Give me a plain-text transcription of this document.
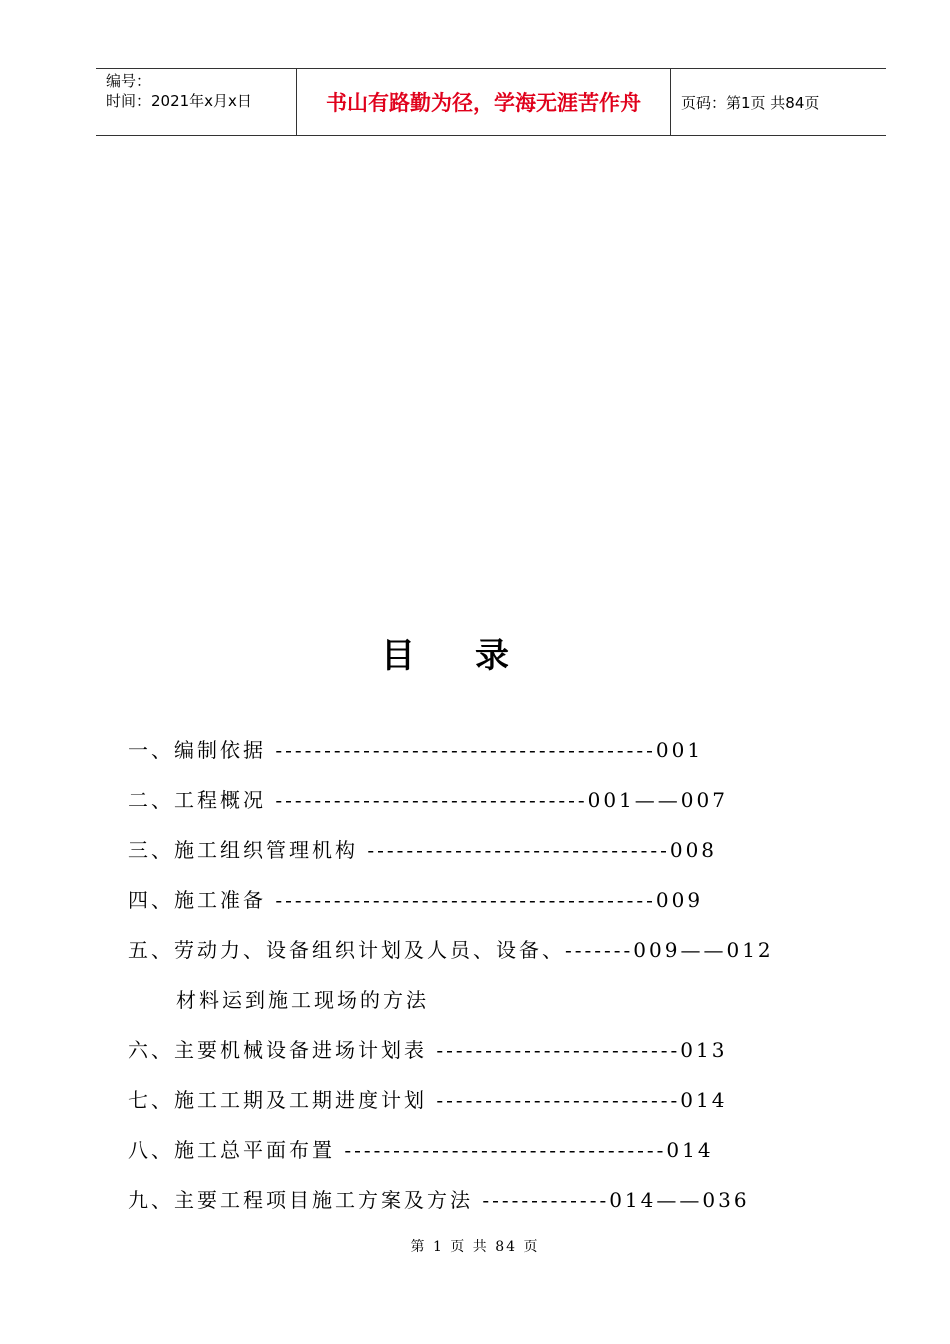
编号：
时间：2021年x月x日	书山有路勤为径，学海无涯苦作舟	页码：第1页 共84页
目录
一、编制依据 ---------------------------------------001
二、工程概况 --------------------------------001——007
三、施工组织管理机构 -------------------------------008
四、施工准备 ---------------------------------------009
五、劳动力、设备组织计划及人员、设备、-------009——012
材料运到施工现场的方法
六、主要机械设备进场计划表 -------------------------013
七、施工工期及工期进度计划 -------------------------014
八、施工总平面布置 ---------------------------------014
九、主要工程项目施工方案及方法 -------------014——036
第 1 页 共 84 页
